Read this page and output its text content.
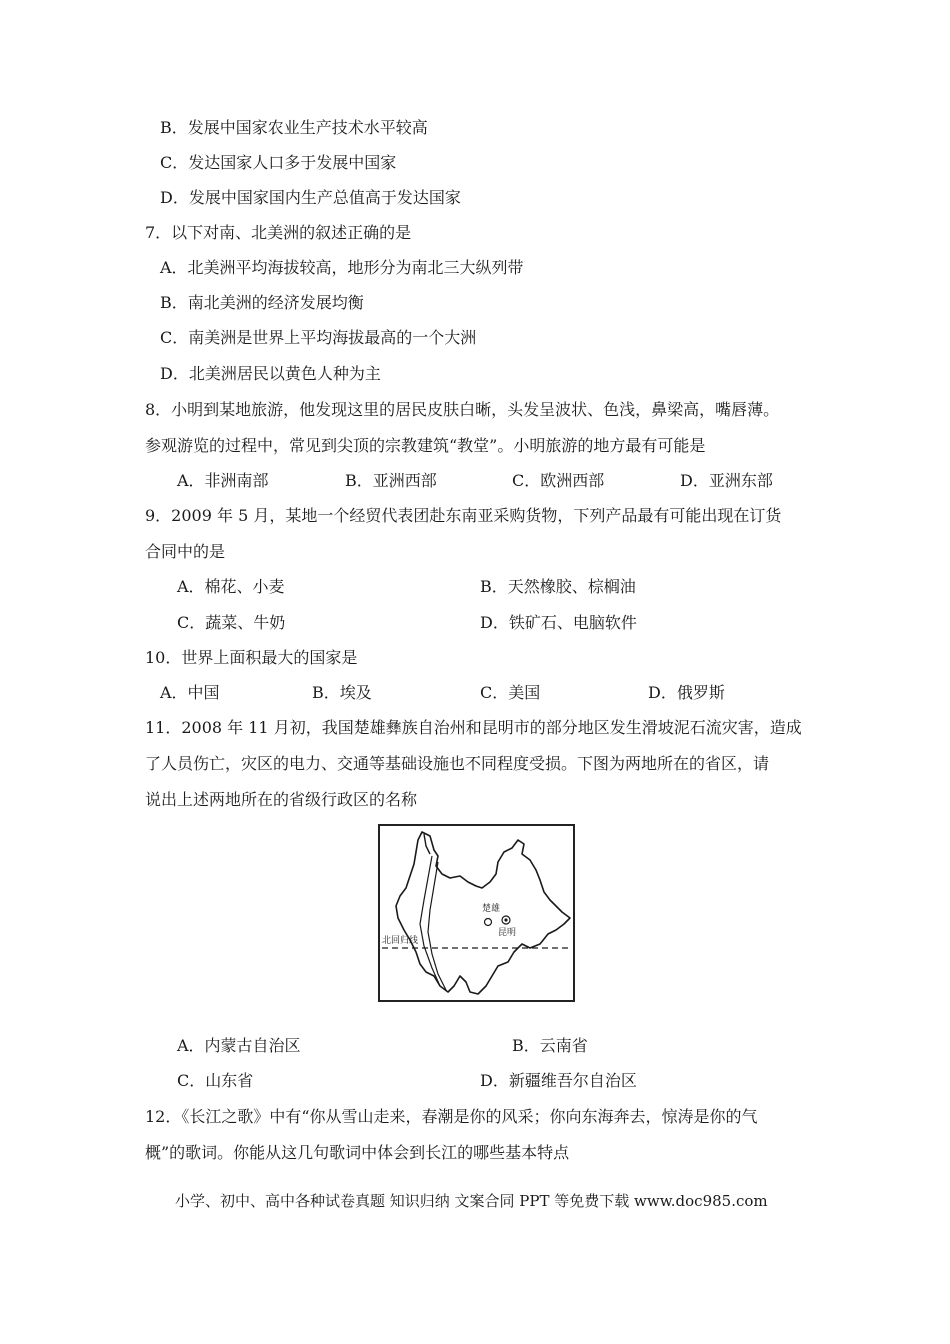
B．发展中国家农业生产技术水平较高
C．发达国家人口多于发展中国家
D．发展中国家国内生产总值高于发达国家
7．以下对南、北美洲的叙述正确的是
A．北美洲平均海拔较高，地形分为南北三大纵列带
B．南北美洲的经济发展均衡
C．南美洲是世界上平均海拔最高的一个大洲
D．北美洲居民以黄色人种为主
8．小明到某地旅游，他发现这里的居民皮肤白晰，头发呈波状、色浅，鼻梁高，嘴唇薄。
参观游览的过程中，常见到尖顶的宗教建筑“教堂”。小明旅游的地方最有可能是
A．非洲南部	B．亚洲西部	C．欧洲西部	D．亚洲东部
9．2009 年 5 月，某地一个经贸代表团赴东南亚采购货物，下列产品最有可能出现在订货
合同中的是
A．棉花、小麦	B．天然橡胶、棕榈油
C．蔬菜、牛奶	D．铁矿石、电脑软件
10．世界上面积最大的国家是
A．中国	B．埃及	C．美国	D．俄罗斯
11．2008 年 11 月初，我国楚雄彝族自治州和昆明市的部分地区发生滑坡泥石流灾害，造成
了人员伤亡，灾区的电力、交通等基础设施也不同程度受损。下图为两地所在的省区，请
说出上述两地所在的省级行政区的名称
楚雄
昆明
北回归线
A．内蒙古自治区	B．云南省
C．山东省	D．新疆维吾尔自治区
12．《长江之歌》中有“你从雪山走来，春潮是你的风采；你向东海奔去，惊涛是你的气
概”的歌词。你能从这几句歌词中体会到长江的哪些基本特点
小学、初中、高中各种试卷真题 知识归纳 文案合同 PPT 等免费下载 www.doc985.com
